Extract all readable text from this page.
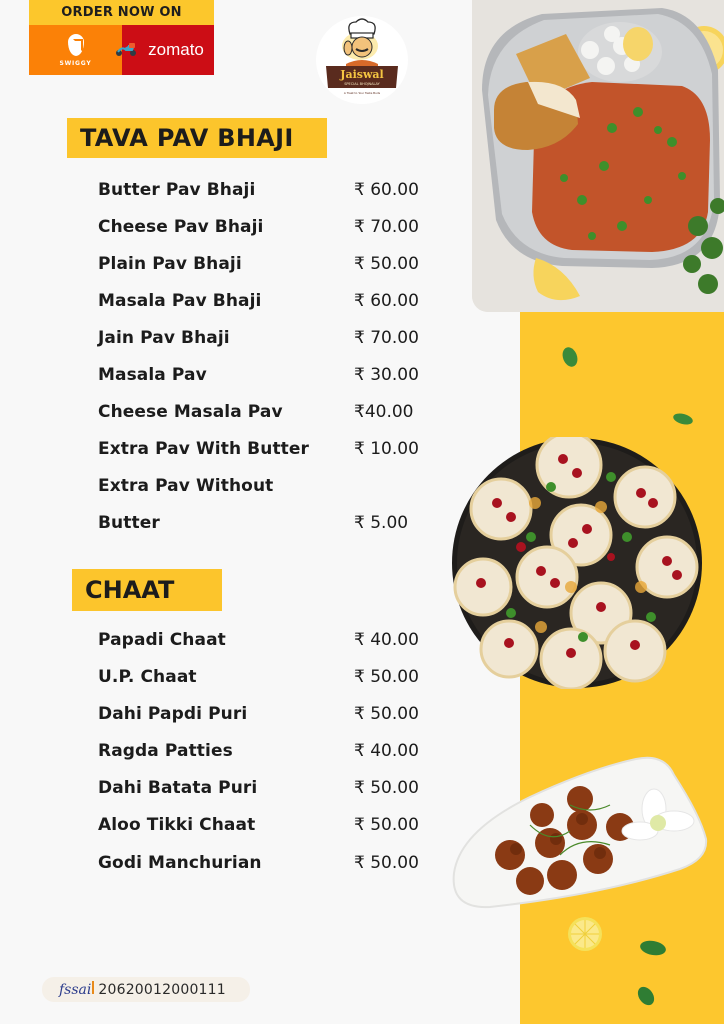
ORDER NOW ON
SWIGGY
zomato
Jaiswal
SPECIAL BHOJNALAY
A Treat to Your Taste Buds
TAVA PAV BHAJI
Butter Pav Bhaji	₹ 60.00
Cheese Pav Bhaji	₹ 70.00
Plain Pav Bhaji	₹ 50.00
Masala Pav Bhaji	₹ 60.00
Jain Pav Bhaji	₹ 70.00
Masala Pav	₹ 30.00
Cheese Masala Pav	₹40.00
Extra Pav With Butter	₹ 10.00
Extra Pav Without
Butter	₹ 5.00
CHAAT
Papadi Chaat	₹ 40.00
U.P. Chaat	₹ 50.00
Dahi Papdi Puri	₹ 50.00
Ragda Patties	₹ 40.00
Dahi Batata Puri	₹ 50.00
Aloo Tikki Chaat	₹ 50.00
Godi Manchurian	₹ 50.00
fssai 20620012000111
